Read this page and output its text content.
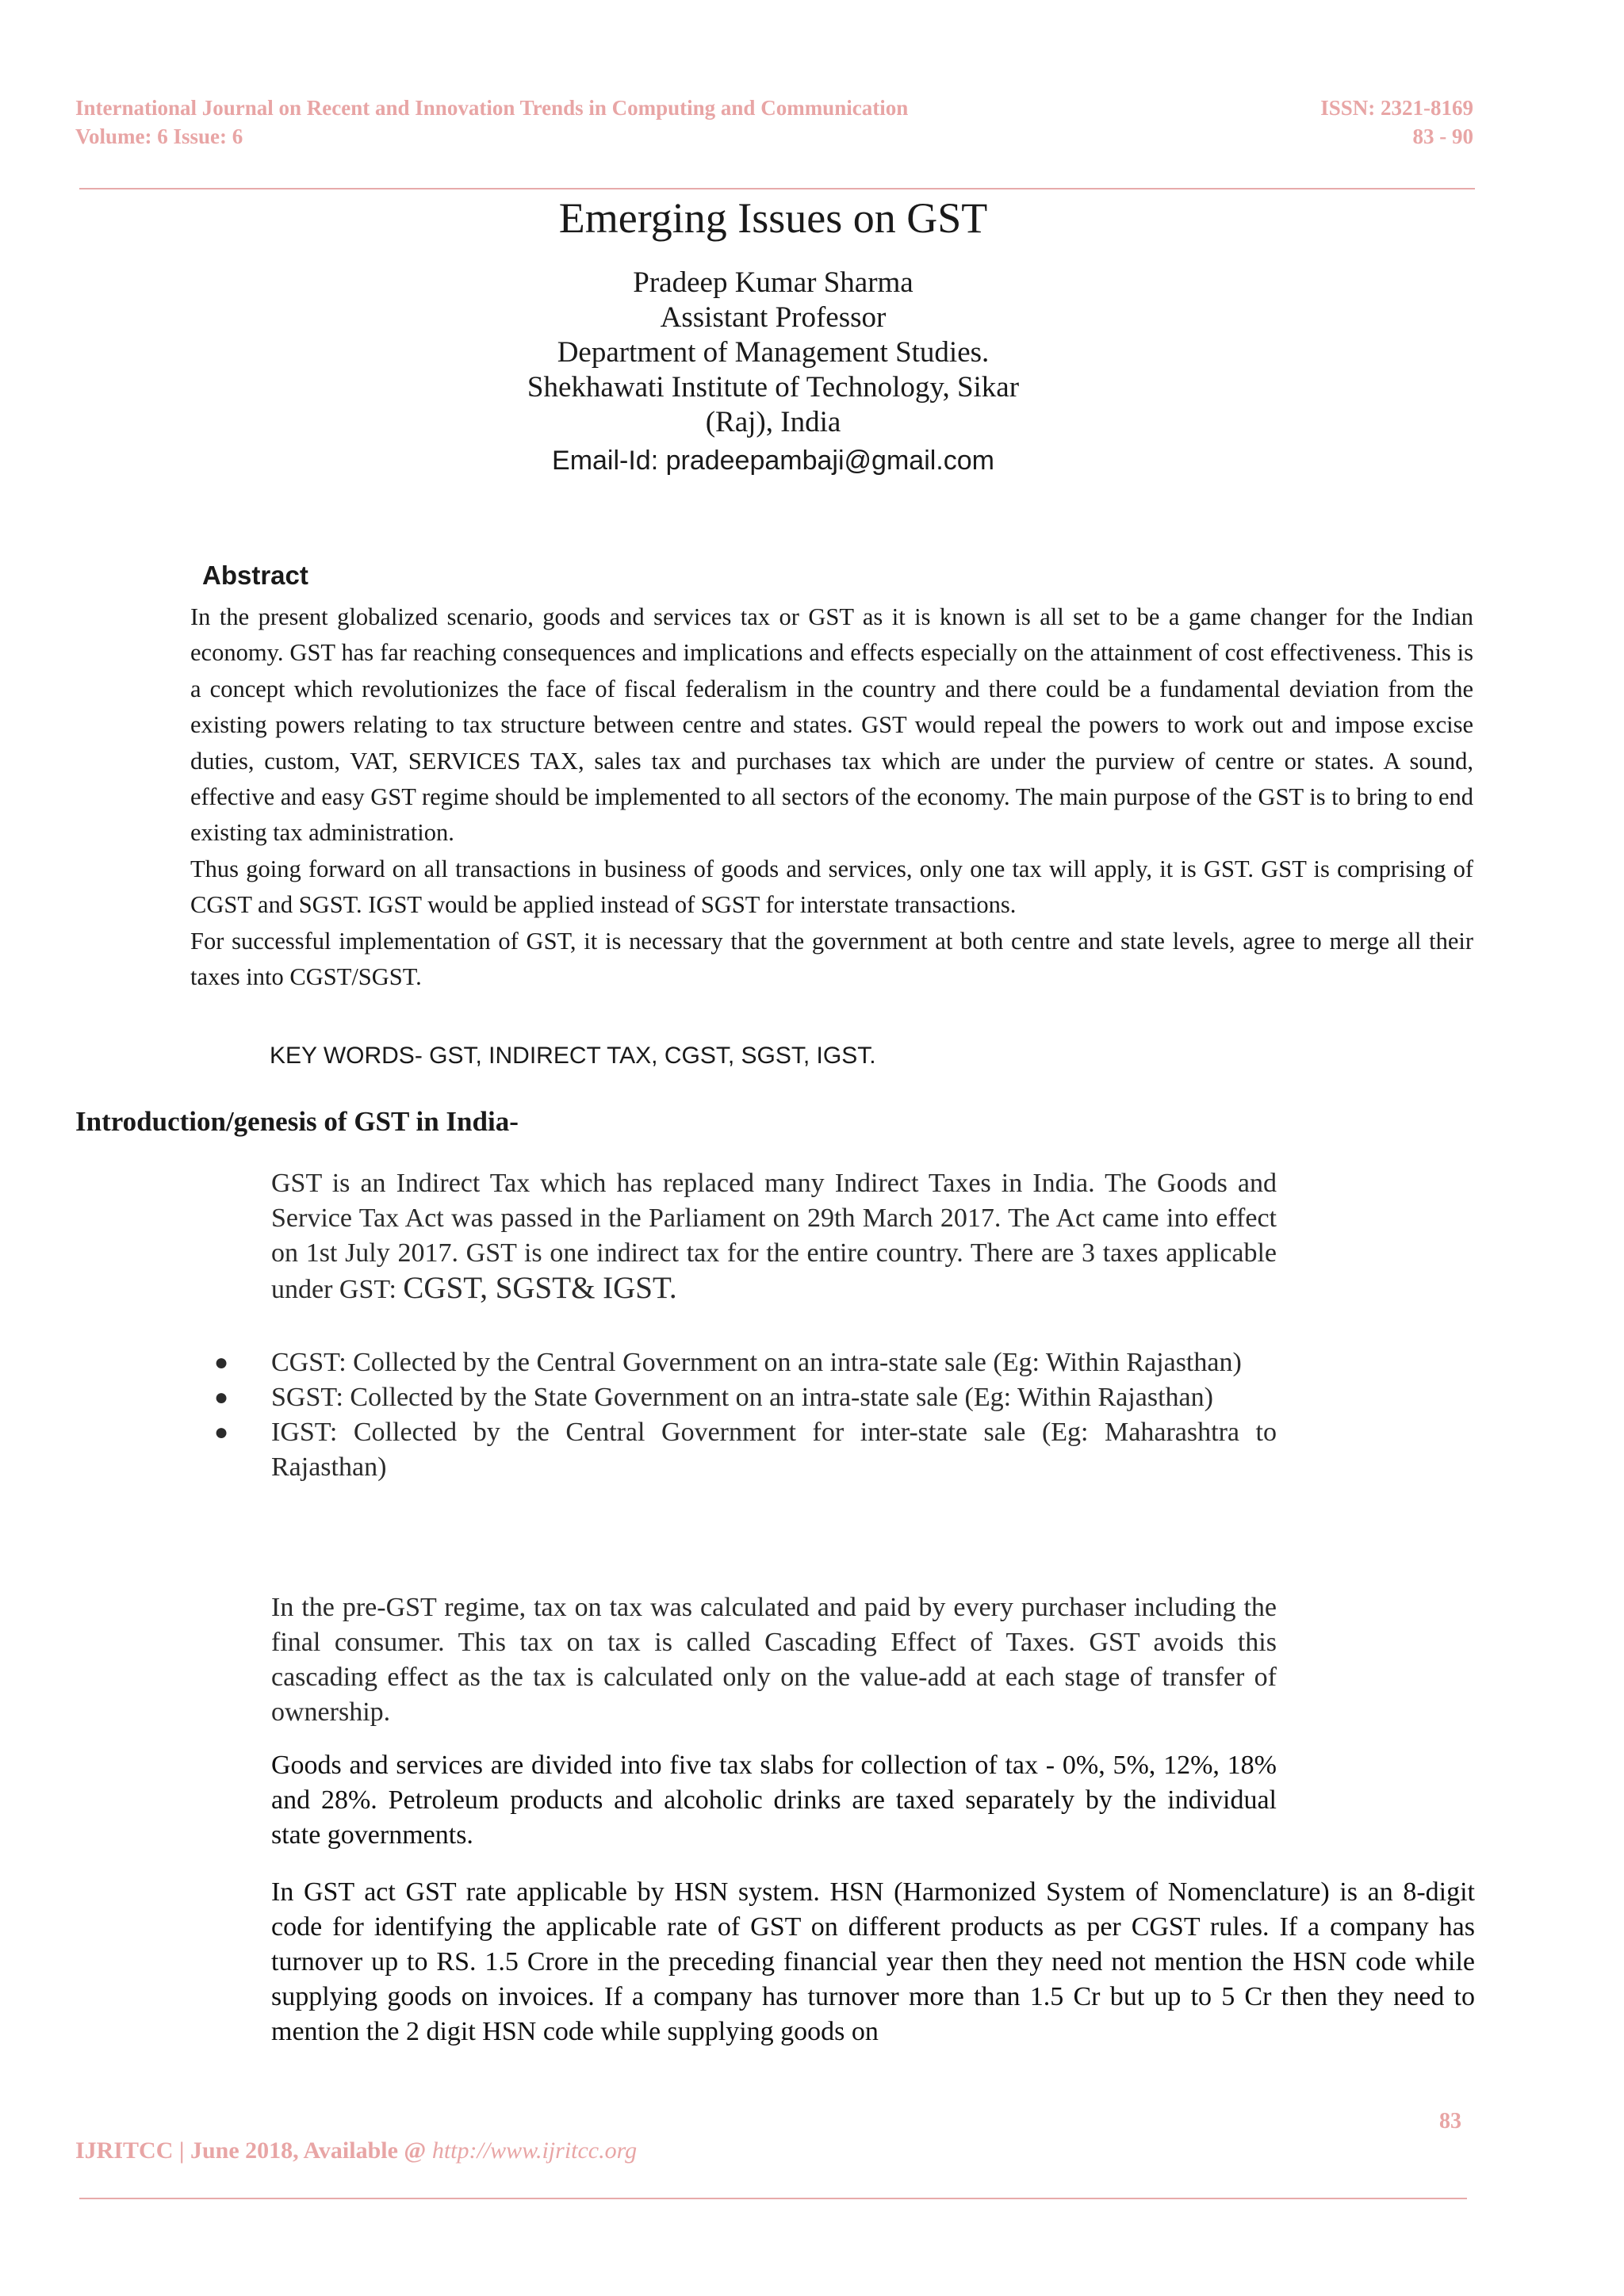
International Journal on Recent and Innovation Trends in Computing and Communication
Volume: 6 Issue: 6
ISSN: 2321-8169
83 - 90
Emerging Issues on GST
Pradeep Kumar Sharma
Assistant Professor
Department of Management Studies.
Shekhawati Institute of Technology, Sikar
(Raj), India
Email-Id: pradeepambaji@gmail.com
Abstract

In the present globalized scenario, goods and services tax or GST as it is known is all set to be a game changer for the Indian economy. GST has far reaching consequences and implications and effects especially on the attainment of cost effectiveness. This is a concept which revolutionizes the face of fiscal federalism in the country and there could be a fundamental deviation from the existing powers relating to tax structure between centre and states. GST would repeal the powers to work out and impose excise duties, custom, VAT, SERVICES TAX, sales tax and purchases tax which are under the purview of centre or states. A sound, effective and easy GST regime should be implemented to all sectors of the economy. The main purpose of the GST is to bring to end existing tax administration.

Thus going forward on all transactions in business of goods and services, only one tax will apply, it is GST. GST is comprising of CGST and SGST. IGST would be applied instead of SGST for interstate transactions.

For successful implementation of GST, it is necessary that the government at both centre and state levels, agree to merge all their taxes into CGST/SGST.

KEY WORDS- GST, INDIRECT TAX, CGST, SGST, IGST.
Introduction/genesis of GST in India-

GST is an Indirect Tax which has replaced many Indirect Taxes in India. The Goods and Service Tax Act was passed in the Parliament on 29th March 2017. The Act came into effect on 1st July 2017. GST is one indirect tax for the entire country. There are 3 taxes applicable under GST: CGST, SGST& IGST.

●	CGST: Collected by the Central Government on an intra-state sale (Eg: Within Rajasthan)
●	SGST: Collected by the State Government on an intra-state sale (Eg: Within Rajasthan)
●	IGST: Collected by the Central Government for inter-state sale (Eg: Maharashtra to Rajasthan)

In the pre-GST regime, tax on tax was calculated and paid by every purchaser including the final consumer. This tax on tax is called Cascading Effect of Taxes. GST avoids this cascading effect as the tax is calculated only on the value-add at each stage of transfer of ownership.

Goods and services are divided into five tax slabs for collection of tax - 0%, 5%, 12%, 18% and 28%. Petroleum products and alcoholic drinks are taxed separately by the individual state governments.

In GST act GST rate applicable by HSN system. HSN (Harmonized System of Nomenclature) is an 8-digit code for identifying the applicable rate of GST on different products as per CGST rules. If a company has turnover up to RS. 1.5 Crore in the preceding financial year then they need not mention the HSN code while supplying goods on invoices. If a company has turnover more than 1.5 Cr but up to 5 Cr then they need to mention the 2 digit HSN code while supplying goods on

83
IJRITCC | June 2018, Available @ http://www.ijritcc.org
